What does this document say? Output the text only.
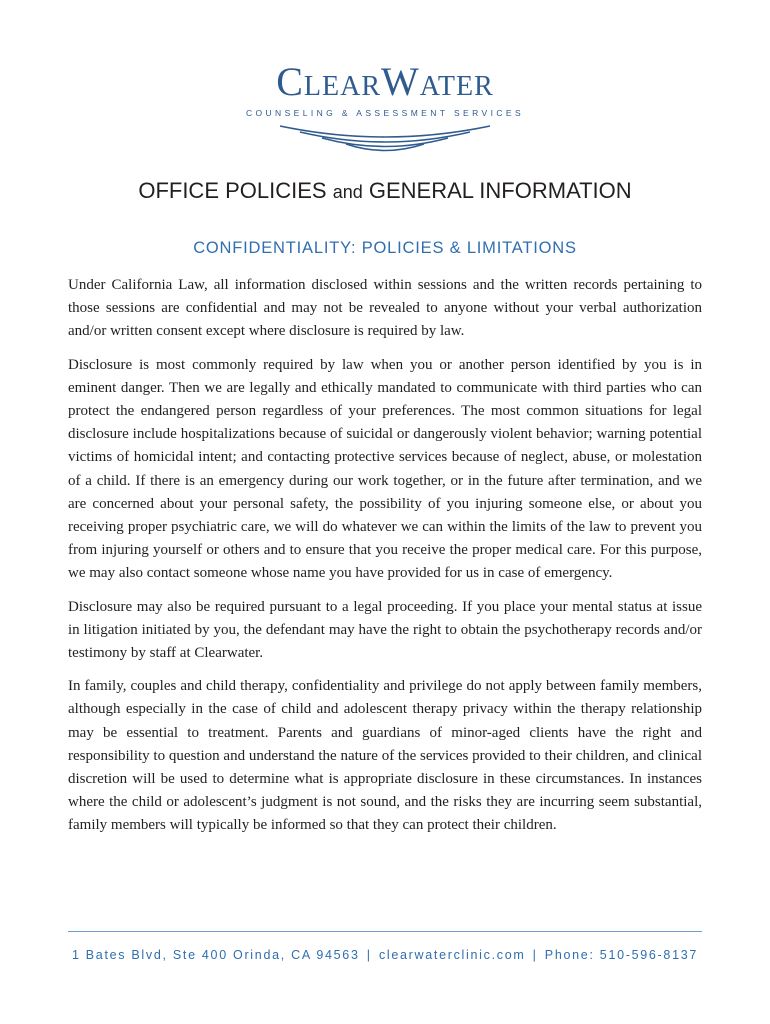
ClearWater
COUNSELING & ASSESSMENT SERVICES
OFFICE POLICIES and GENERAL INFORMATION
CONFIDENTIALITY: POLICIES & LIMITATIONS

Under California Law, all information disclosed within sessions and the written records pertaining to those sessions are confidential and may not be revealed to anyone without your verbal authorization and/or written consent except where disclosure is required by law.

Disclosure is most commonly required by law when you or another person identified by you is in eminent danger. Then we are legally and ethically mandated to communicate with third parties who can protect the endangered person regardless of your preferences. The most common situations for legal disclosure include hospitalizations because of suicidal or dangerously violent behavior; warning potential victims of homicidal intent; and contacting protective services because of neglect, abuse, or molestation of a child. If there is an emergency during our work together, or in the future after termination, and we are concerned about your personal safety, the possibility of you injuring someone else, or about you receiving proper psychiatric care, we will do whatever we can within the limits of the law to prevent you from injuring yourself or others and to ensure that you receive the proper medical care. For this purpose, we may also contact someone whose name you have provided for us in case of emergency.

Disclosure may also be required pursuant to a legal proceeding. If you place your mental status at issue in litigation initiated by you, the defendant may have the right to obtain the psychotherapy records and/or testimony by staff at Clearwater.

In family, couples and child therapy, confidentiality and privilege do not apply between family members, although especially in the case of child and adolescent therapy privacy within the therapy relationship may be essential to treatment. Parents and guardians of minor-aged clients have the right and responsibility to question and understand the nature of the services provided to their children, and clinical discretion will be used to determine what is appropriate disclosure in these circumstances. In instances where the child or adolescent’s judgment is not sound, and the risks they are incurring seem substantial, family members will typically be informed so that they can protect their children.

1 Bates Blvd, Ste 400 Orinda, CA 94563 | clearwaterclinic.com | Phone: 510-596-8137
